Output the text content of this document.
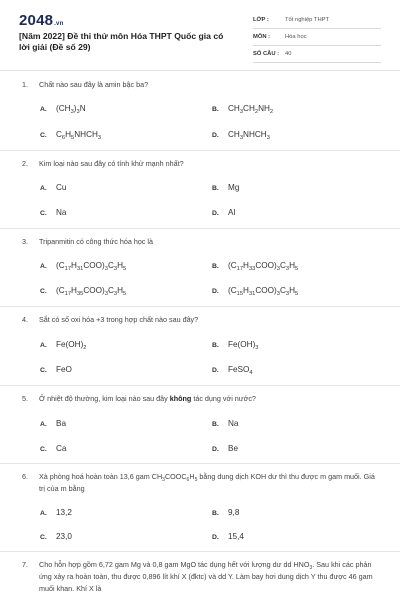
2048.vn
[Năm 2022] Đề thi thử môn Hóa THPT Quốc gia có lời giải (Đề số 29)
LỚP :	Tốt nghiệp THPT
MÔN :	Hóa học
SỐ CÂU : 40
1.	Chất nào sau đây là amin bậc ba?
A. $(CH_3)_3N$	B. $CH_3CH_2NH_2$
C. $C_6H_5NHCH_3$	D. $CH_3NHCH_3$
2.	Kim loại nào sau đây có tính khử mạnh nhất?
A. Cu	B. Mg
C. Na	D. Al
3.	Tripanmitin có công thức hóa học là
A. $(C_{17}H_{31}COO)_3C_3H_5$	B. $(C_{17}H_{33}COO)_3C_3H_5$
C. $(C_{17}H_{35}COO)_3C_3H_5$	D. $(C_{15}H_{31}COO)_3C_3H_5$
4.	Sắt có số oxi hóa +3 trong hợp chất nào sau đây?
A. $Fe(OH)_2$	B. $Fe(OH)_3$
C. FeO	D. FeSO$_4$
5.	Ở nhiệt độ thường, kim loại nào sau đây không tác dụng với nước?
A. Ba	B. Na
C. Ca	D. Be
6.	Xà phòng hoá hoàn toàn 13,6 gam $CH_3COOC_6H_5$ bằng dung dịch KOH dư thì thu được m gam muối. Giá trị của m bằng
A. 13,2	B. 9,8
C. 23,0	D. 15,4
7.	Cho hỗn hợp gồm 6,72 gam Mg và 0,8 gam MgO tác dụng hết với lượng dư dd $HNO_3$. Sau khi các phản ứng xảy ra hoàn toàn, thu được 0,896 lít khí X (đktc) và dd Y. Làm bay hơi dung dịch Y thu được 46 gam muối khan. Khí X là
